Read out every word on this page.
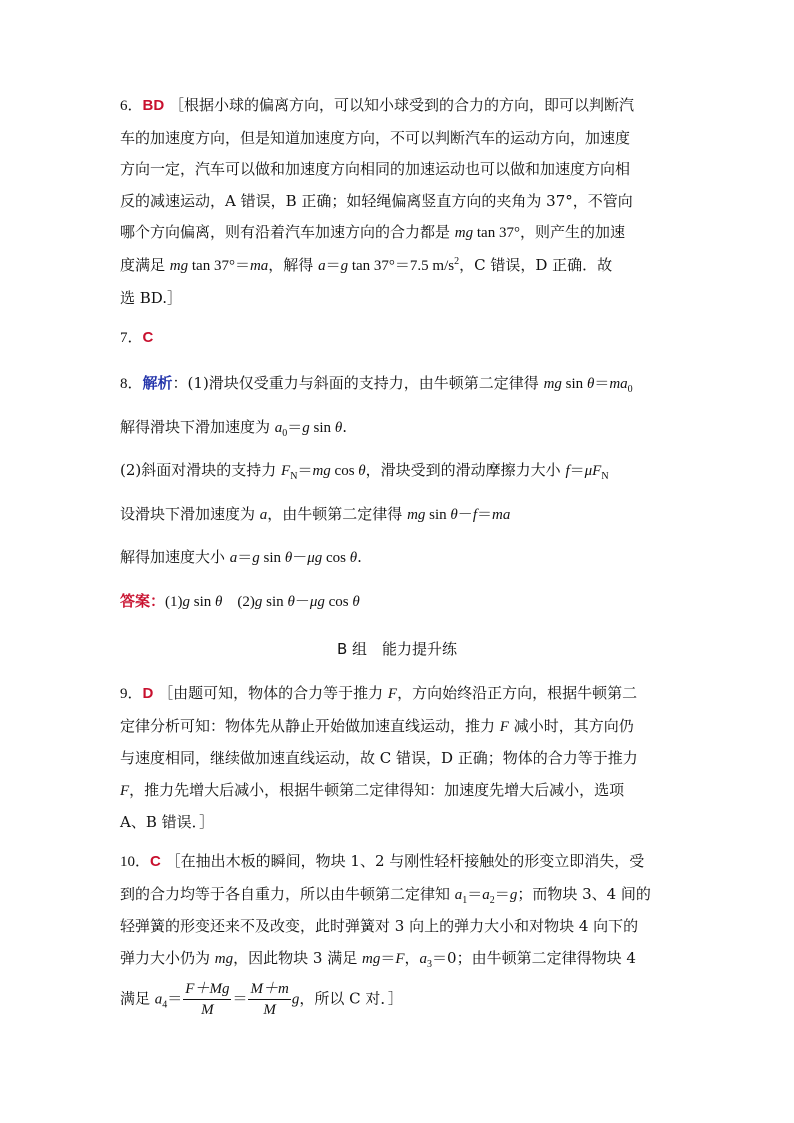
6．BD ［根据小球的偏离方向，可以知小球受到的合力的方向，即可以判断汽
车的加速度方向，但是知道加速度方向，不可以判断汽车的运动方向，加速度
方向一定，汽车可以做和加速度方向相同的加速运动也可以做和加速度方向相
反的减速运动，A 错误，B 正确；如轻绳偏离竖直方向的夹角为 37°，不管向
哪个方向偏离，则有沿着汽车加速方向的合力都是 mg tan 37°，则产生的加速
度满足 mg tan 37°＝ma，解得 a＝g tan 37°＝7.5 $m/s^2$，C 错误，D 正确．故
选 BD.］
7．C
8．解析：(1)滑块仅受重力与斜面的支持力，由牛顿第二定律得 mg $\sin \theta=ma_0$
解得滑块下滑加速度为 $a_0=g$ sin θ.
(2)斜面对滑块的支持力 $F_N=mg$ cos θ，滑块受到的滑动摩擦力大小 $f=\mu F_N$
设滑块下滑加速度为 a，由牛顿第二定律得 mg sin θ－f＝ma
解得加速度大小 a＝g sin θ－μg cos θ.
答案：(1)g sin θ　(2)g sin θ－μg cos θ
B 组　能力提升练
9．D ［由题可知，物体的合力等于推力 F，方向始终沿正方向，根据牛顿第二
定律分析可知：物体先从静止开始做加速直线运动，推力 F 减小时，其方向仍
与速度相同，继续做加速直线运动，故 C 错误，D 正确；物体的合力等于推力
F，推力先增大后减小，根据牛顿第二定律得知：加速度先增大后减小，选项
A、B 错误．］
10．C ［在抽出木板的瞬间，物块 1、2 与刚性轻杆接触处的形变立即消失，受
到的合力均等于各自重力，所以由牛顿第二定律知 $a_1=a_2=g$；而物块 3、4 间的
轻弹簧的形变还来不及改变，此时弹簧对 3 向上的弹力大小和对物块 4 向下的
弹力大小仍为 mg，因此物块 3 满足 mg＝F，$a_3=0$；由牛顿第二定律得物块 4
满足 $a_4= \frac{F+Mg}{M} = \frac{M+m}{M}$ g，所以 C 对．］
